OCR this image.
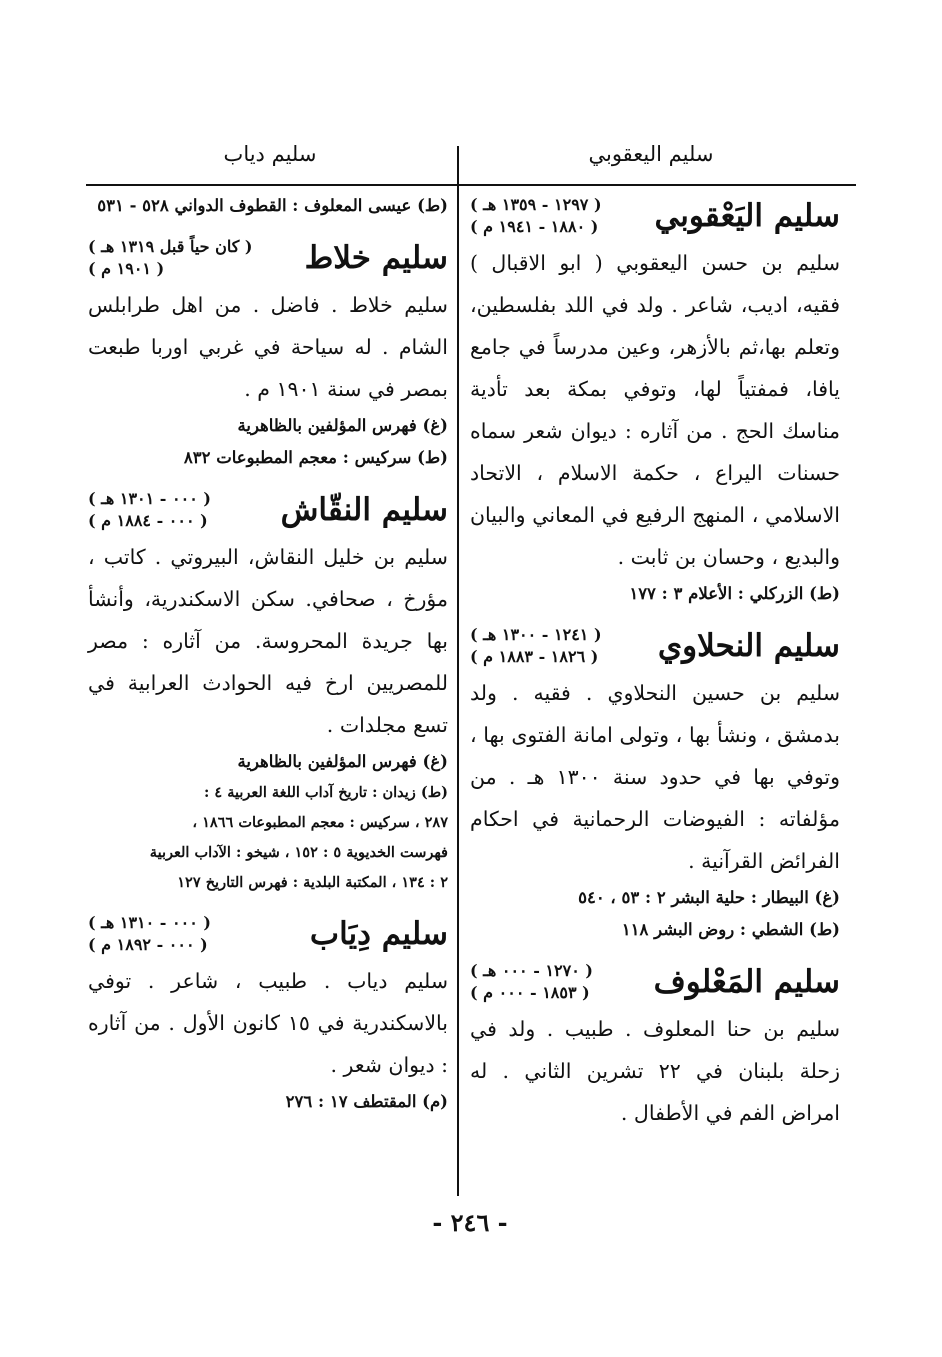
سليم اليعقوبي
سليم دياب
سليم اليَعْقوبي
( ١٢٩٧ - ١٣٥٩ هـ )
( ١٨٨٠ - ١٩٤١ م )

سليم بن حسن اليعقوبي ( ابو الاقبال ) فقيه، اديب، شاعر . ولد في اللد بفلسطين، وتعلم بها،ثم بالأزهر، وعين مدرساً في جامع يافا، فمفتياً لها، وتوفي بمكة بعد تأدية مناسك الحج . من آثاره : ديوان شعر سماه حسنات اليراع ، حكمة الاسلام ، الاتحاد الاسلامي ، المنهج الرفيع في المعاني والبيان والبديع ، وحسان بن ثابت .

(ط) الزركلي : الأعلام ٣ : ١٧٧

سليم النحلاوي
( ١٢٤١ - ١٣٠٠ هـ )
( ١٨٢٦ - ١٨٨٣ م )

سليم بن حسين النحلاوي . فقيه . ولد بدمشق ، ونشأ بها ، وتولى امانة الفتوى بها ، وتوفي بها في حدود سنة ١٣٠٠ هـ . من مؤلفاته : الفيوضات الرحمانية في احكام الفرائض القرآنية .

(غ) البيطار : حلية البشر ٢ : ٥٣ ، ٥٤٠

(ط) الشطي : روض البشر ١١٨

سليم المَعْلوف
( ١٢٧٠ - ٠٠٠ هـ )
( ١٨٥٣ - ٠٠٠ م )

سليم بن حنا المعلوف . طبيب . ولد في زحلة بلبنان في ٢٢ تشرين الثاني . له امراض الفم في الأطفال .

(ط) عيسى المعلوف : القطوف الدواني ٥٢٨ - ٥٣١

سليم خلاط
( كان حياً قبل ١٣١٩ هـ )
( ١٩٠١ م )

سليم خلاط . فاضل . من اهل طرابلس الشام . له سياحة في غربي اوربا طبعت بمصر في سنة ١٩٠١ م .

(غ) فهرس المؤلفين بالظاهرية

(ط) سركيس : معجم المطبوعات ٨٣٢

سليم النقّاش
( ٠٠٠ - ١٣٠١ هـ )
( ٠٠٠ - ١٨٨٤ م )

سليم بن خليل النقاش، البيروتي . كاتب ، مؤرخ ، صحافي. سكن الاسكندرية، وأنشأ بها جريدة المحروسة. من آثاره : مصر للمصريين ارخ فيه الحوادث العرابية في تسع مجلدات .

(غ) فهرس المؤلفين بالظاهرية

(ط) زيدان : تاريخ آداب اللغة العربية ٤ :

٢٨٧ ، سركيس : معجم المطبوعات ١٨٦٦ ،

فهرست الخديوية ٥ : ١٥٢ ، شيخو : الآداب العربية

٢ : ١٣٤ ، المكتبة البلدية : فهرس التاريخ ١٢٧

سليم دِيَاب
( ٠٠٠ - ١٣١٠ هـ )
( ٠٠٠ - ١٨٩٢ م )

سليم دياب . طبيب ، شاعر . توفي بالاسكندرية في ١٥ كانون الأول . من آثاره : ديوان شعر .

(م) المقتطف ١٧ : ٢٧٦

- ٢٤٦ -
